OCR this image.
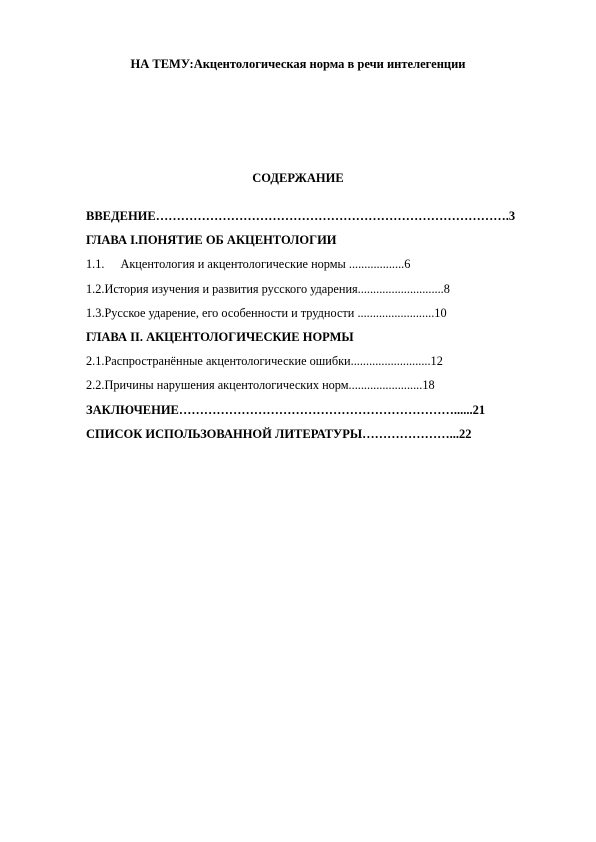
НА ТЕМУ:Акцентологическая норма в речи интелегенции
СОДЕРЖАНИЕ
ВВЕДЕНИЕ………………………………………………………………………….3
ГЛАВА I.ПОНЯТИЕ ОБ АКЦЕНТОЛОГИИ
1.1. Акцентология и акцентологические нормы ..................6
1.2.История изучения и развития русского ударения............................8
1.3.Русское ударение, его особенности и трудности .........................10
ГЛАВА II. АКЦЕНТОЛОГИЧЕСКИЕ НОРМЫ
2.1.Распространённые акцентологические ошибки..........................12
2.2.Причины нарушения акцентологических норм........................18
ЗАКЛЮЧЕНИЕ…………………………………………………………......21
СПИСОК ИСПОЛЬЗОВАННОЙ ЛИТЕРАТУРЫ…………………...22
